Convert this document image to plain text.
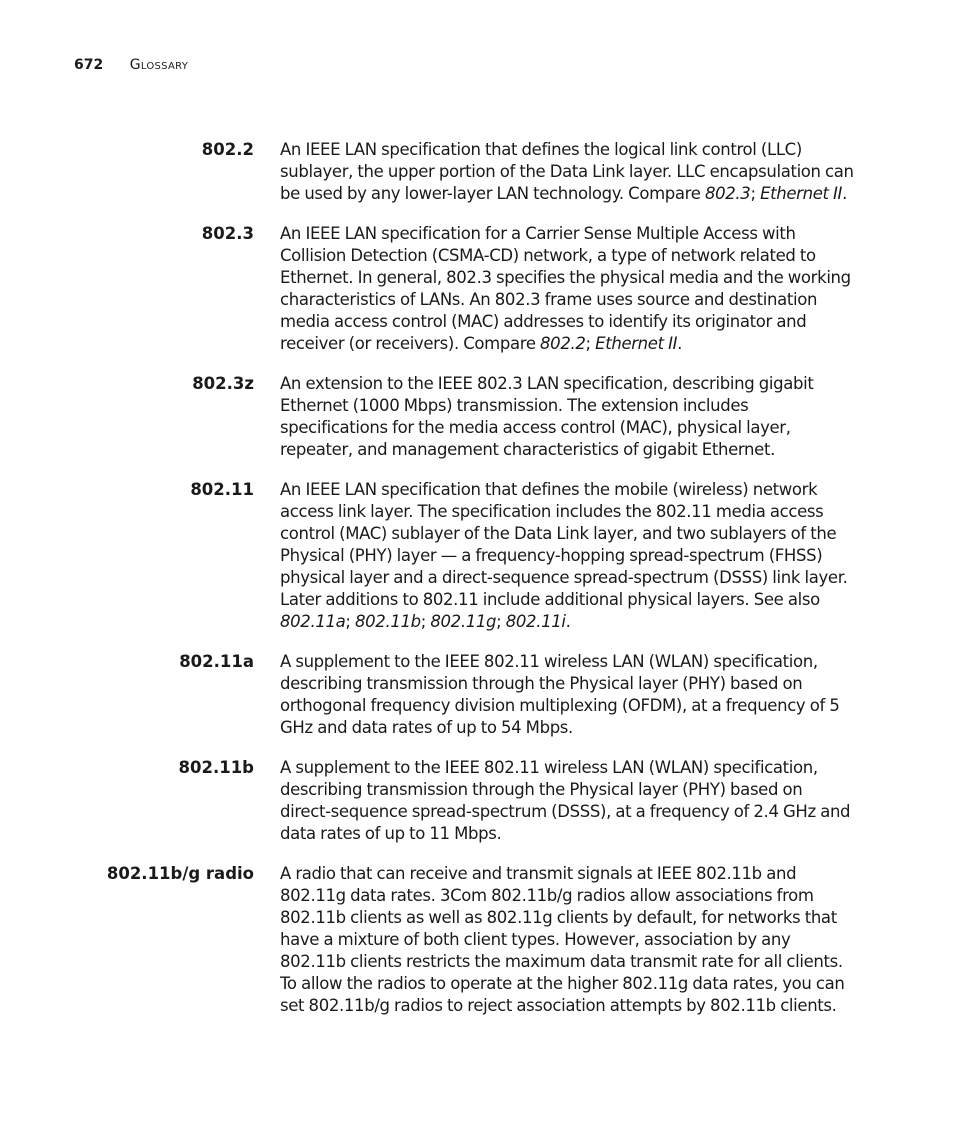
672 Glossary
802.2 An IEEE LAN specification that defines the logical link control (LLC) sublayer, the upper portion of the Data Link layer. LLC encapsulation can be used by any lower-layer LAN technology. Compare 802.3; Ethernet II.
802.3 An IEEE LAN specification for a Carrier Sense Multiple Access with Collision Detection (CSMA-CD) network, a type of network related to Ethernet. In general, 802.3 specifies the physical media and the working characteristics of LANs. An 802.3 frame uses source and destination media access control (MAC) addresses to identify its originator and receiver (or receivers). Compare 802.2; Ethernet II.
802.3z An extension to the IEEE 802.3 LAN specification, describing gigabit Ethernet (1000 Mbps) transmission. The extension includes specifications for the media access control (MAC), physical layer, repeater, and management characteristics of gigabit Ethernet.
802.11 An IEEE LAN specification that defines the mobile (wireless) network access link layer. The specification includes the 802.11 media access control (MAC) sublayer of the Data Link layer, and two sublayers of the Physical (PHY) layer — a frequency-hopping spread-spectrum (FHSS) physical layer and a direct-sequence spread-spectrum (DSSS) link layer. Later additions to 802.11 include additional physical layers. See also 802.11a; 802.11b; 802.11g; 802.11i.
802.11a A supplement to the IEEE 802.11 wireless LAN (WLAN) specification, describing transmission through the Physical layer (PHY) based on orthogonal frequency division multiplexing (OFDM), at a frequency of 5 GHz and data rates of up to 54 Mbps.
802.11b A supplement to the IEEE 802.11 wireless LAN (WLAN) specification, describing transmission through the Physical layer (PHY) based on direct-sequence spread-spectrum (DSSS), at a frequency of 2.4 GHz and data rates of up to 11 Mbps.
802.11b/g radio A radio that can receive and transmit signals at IEEE 802.11b and 802.11g data rates. 3Com 802.11b/g radios allow associations from 802.11b clients as well as 802.11g clients by default, for networks that have a mixture of both client types. However, association by any 802.11b clients restricts the maximum data transmit rate for all clients. To allow the radios to operate at the higher 802.11g data rates, you can set 802.11b/g radios to reject association attempts by 802.11b clients.
